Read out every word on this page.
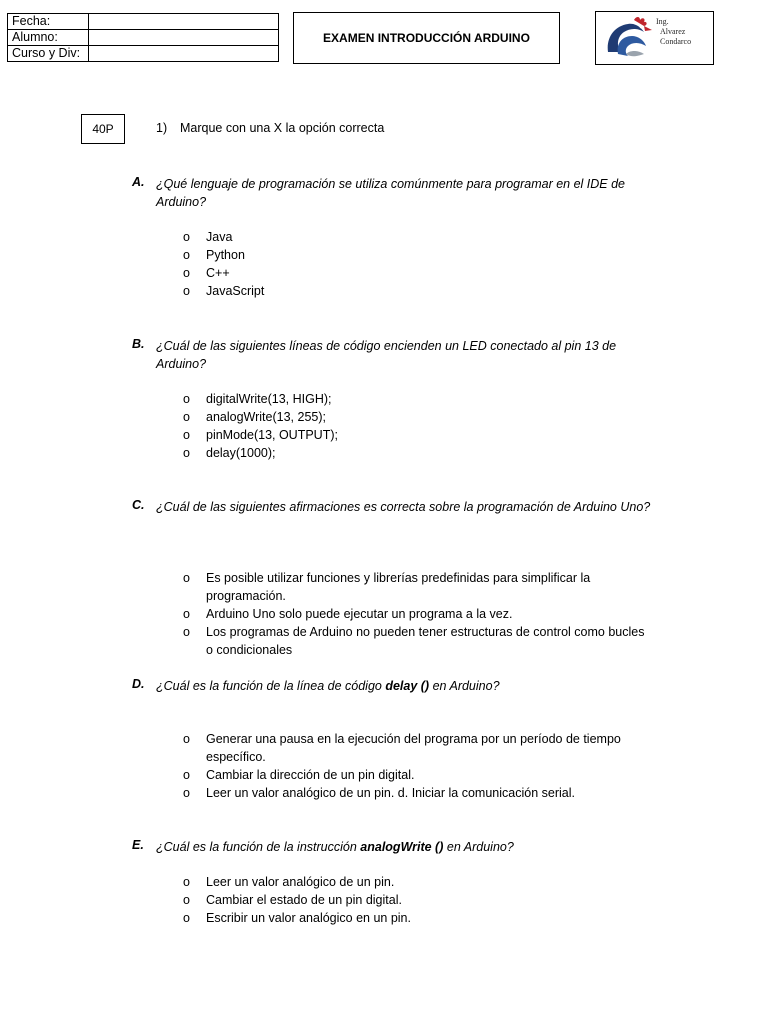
Fecha:	
Alumno:	
Curso y Div:	
EXAMEN INTRODUCCIÓN ARDUINO
Ing.
Alvarez
Condarco
40P	1) Marque con una X la opción correcta
A. ¿Qué lenguaje de programación se utiliza comúnmente para programar en el IDE de Arduino?
o Java
o Python
o C++
o JavaScript
B. ¿Cuál de las siguientes líneas de código encienden un LED conectado al pin 13 de Arduino?
o digitalWrite(13, HIGH);
o analogWrite(13, 255);
o pinMode(13, OUTPUT);
o delay(1000);
C. ¿Cuál de las siguientes afirmaciones es correcta sobre la programación de Arduino Uno?
o Es posible utilizar funciones y librerías predefinidas para simplificar la programación.
o Arduino Uno solo puede ejecutar un programa a la vez.
o Los programas de Arduino no pueden tener estructuras de control como bucles o condicionales
D. ¿Cuál es la función de la línea de código delay () en Arduino?
o Generar una pausa en la ejecución del programa por un período de tiempo específico.
o Cambiar la dirección de un pin digital.
o Leer un valor analógico de un pin. d. Iniciar la comunicación serial.
E. ¿Cuál es la función de la instrucción analogWrite () en Arduino?
o Leer un valor analógico de un pin.
o Cambiar el estado de un pin digital.
o Escribir un valor analógico en un pin.
